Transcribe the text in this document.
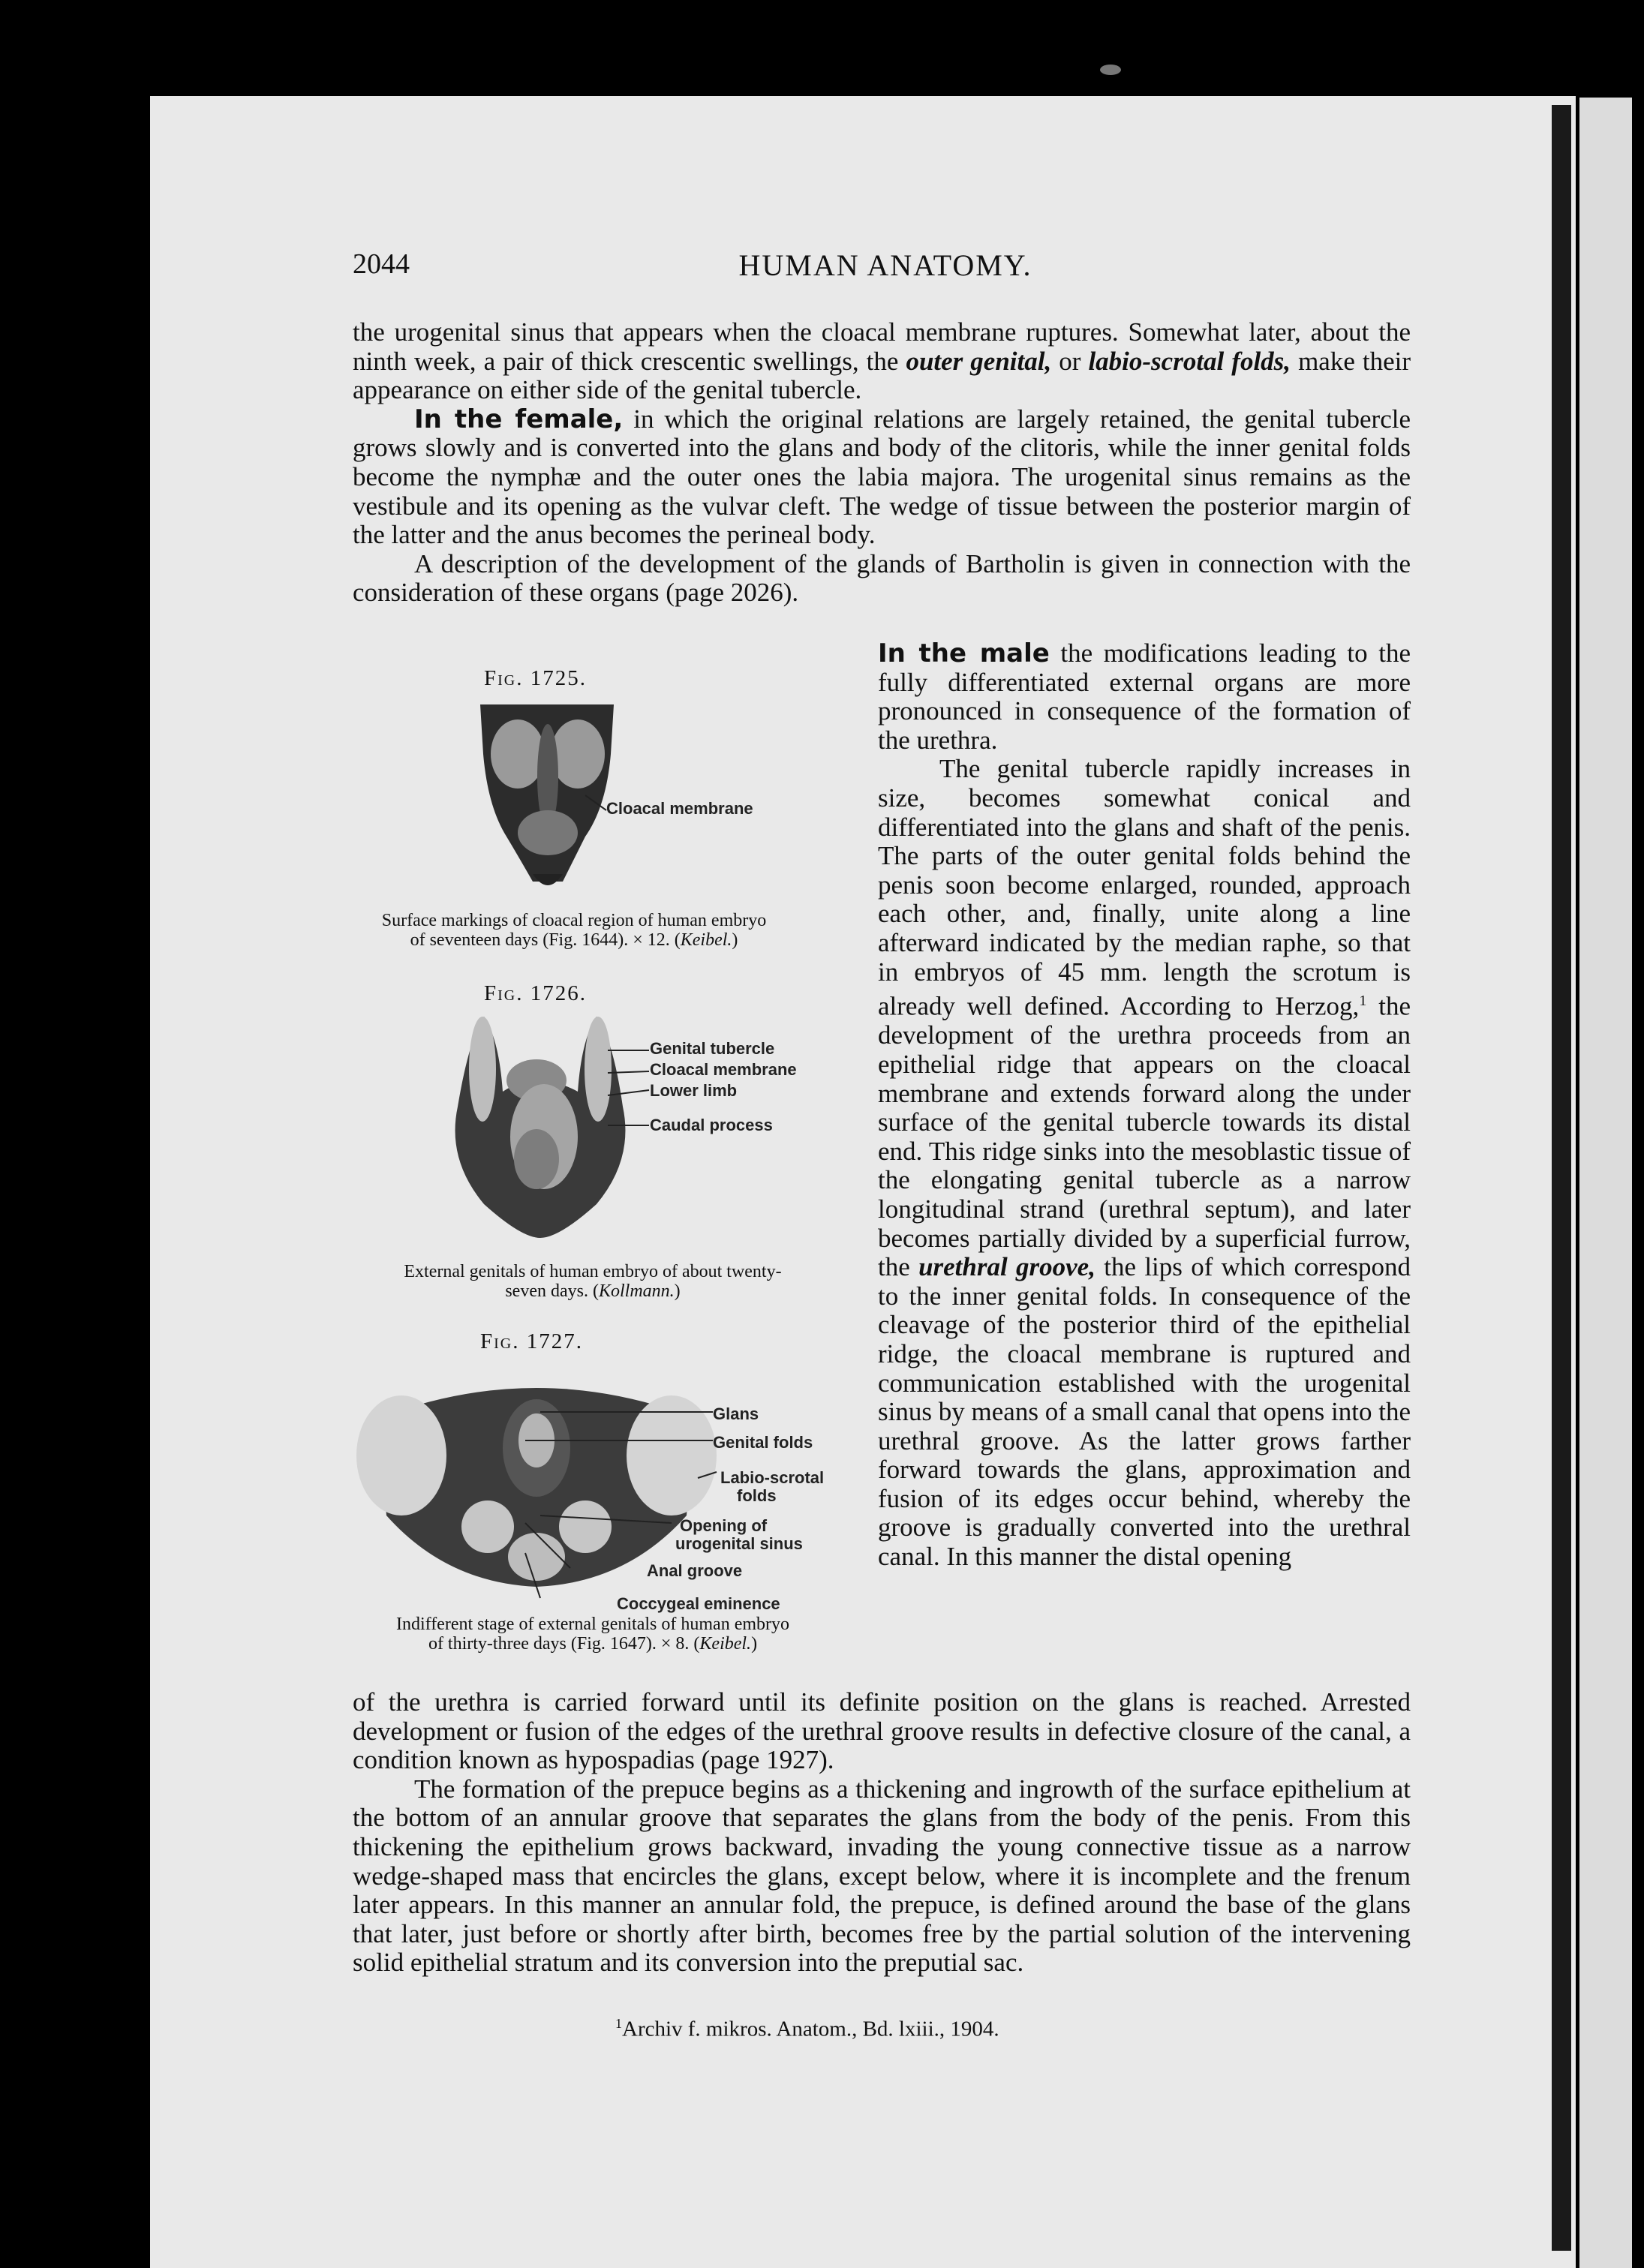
2044	HUMAN ANATOMY.

the urogenital sinus that appears when the cloacal membrane ruptures. Somewhat later, about the ninth week, a pair of thick crescentic swellings, the outer genital, or labio-scrotal folds, make their appearance on either side of the genital tubercle.

In the female, in which the original relations are largely retained, the genital tubercle grows slowly and is converted into the glans and body of the clitoris, while the inner genital folds become the nymphæ and the outer ones the labia majora. The urogenital sinus remains as the vestibule and its opening as the vulvar cleft. The wedge of tissue between the posterior margin of the latter and the anus becomes the perineal body.

A description of the development of the glands of Bartholin is given in connection with the consideration of these organs (page 2026).

In the male the modifications leading to the fully differentiated external organs are more pronounced in consequence of the formation of the urethra.

The genital tubercle rapidly increases in size, becomes somewhat conical and differentiated into the glans and shaft of the penis. The parts of the outer genital folds behind the penis soon become enlarged, rounded, approach each other, and, finally, unite along a line afterward indicated by the median raphe, so that in embryos of 45 mm. length the scrotum is already well defined. According to Herzog,$^1$ the development of the urethra proceeds from an epithelial ridge that appears on the cloacal membrane and extends forward along the under surface of the genital tubercle towards its distal end. This ridge sinks into the mesoblastic tissue of the elongating genital tubercle as a narrow longitudinal strand (urethral septum), and later becomes partially divided by a superficial furrow, the urethral groove, the lips of which correspond to the inner genital folds. In consequence of the cleavage of the posterior third of the epithelial ridge, the cloacal membrane is ruptured and communication established with the urogenital sinus by means of a small canal that opens into the urethral groove. As the latter grows farther forward towards the glans, approximation and fusion of its edges occur behind, whereby the groove is gradually converted into the urethral canal. In this manner the distal opening

of the urethra is carried forward until its definite position on the glans is reached. Arrested development or fusion of the edges of the urethral groove results in defective closure of the canal, a condition known as hypospadias (page 1927).

The formation of the prepuce begins as a thickening and ingrowth of the surface epithelium at the bottom of an annular groove that separates the glans from the body of the penis. From this thickening the epithelium grows backward, invading the young connective tissue as a narrow wedge-shaped mass that encircles the glans, except below, where it is incomplete and the frenum later appears. In this manner an annular fold, the prepuce, is defined around the base of the glans that later, just before or shortly after birth, becomes free by the partial solution of the intervening solid epithelial stratum and its conversion into the preputial sac.

Fig. 1725.
Cloacal membrane
Surface markings of cloacal region of human embryo
of seventeen days (Fig. 1644). × 12. (Keibel.)
Fig. 1726.
Genital tubercle
Cloacal membrane
Lower limb
Caudal process
External genitals of human embryo of about twenty-
seven days. (Kollmann.)
Fig. 1727.
Glans
Genital folds
Labio-scrotal
folds
Opening of
urogenital sinus
Anal groove
Coccygeal eminence
Indifferent stage of external genitals of human embryo
of thirty-three days (Fig. 1647). × 8. (Keibel.)
$^1$Archiv f. mikros. Anatom., Bd. lxiii., 1904.
